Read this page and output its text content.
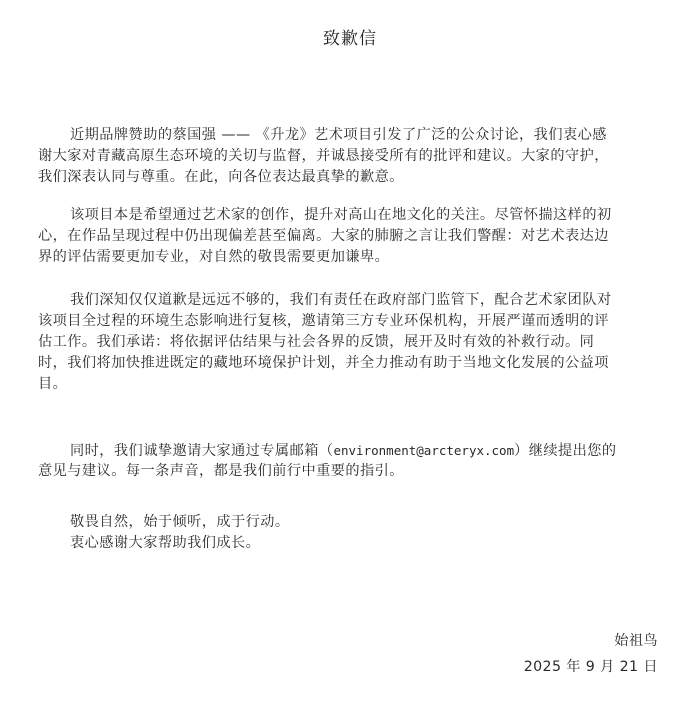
致歉信
近期品牌赞助的蔡国强 —— 《升龙》艺术项目引发了广泛的公众讨论，我们衷心感
谢大家对青藏高原生态环境的关切与监督，并诚恳接受所有的批评和建议。大家的守护，
我们深表认同与尊重。在此，向各位表达最真挚的歉意。
该项目本是希望通过艺术家的创作，提升对高山在地文化的关注。尽管怀揣这样的初
心，在作品呈现过程中仍出现偏差甚至偏离。大家的肺腑之言让我们警醒：对艺术表达边
界的评估需要更加专业，对自然的敬畏需要更加谦卑。
我们深知仅仅道歉是远远不够的，我们有责任在政府部门监管下，配合艺术家团队对
该项目全过程的环境生态影响进行复核，邀请第三方专业环保机构，开展严谨而透明的评
估工作。我们承诺：将依据评估结果与社会各界的反馈，展开及时有效的补救行动。同
时，我们将加快推进既定的藏地环境保护计划，并全力推动有助于当地文化发展的公益项
目。
同时，我们诚挚邀请大家通过专属邮箱（environment@arcteryx.com）继续提出您的
意见与建议。每一条声音，都是我们前行中重要的指引。
敬畏自然，始于倾听，成于行动。
衷心感谢大家帮助我们成长。
始祖鸟
2025 年 9 月 21 日
